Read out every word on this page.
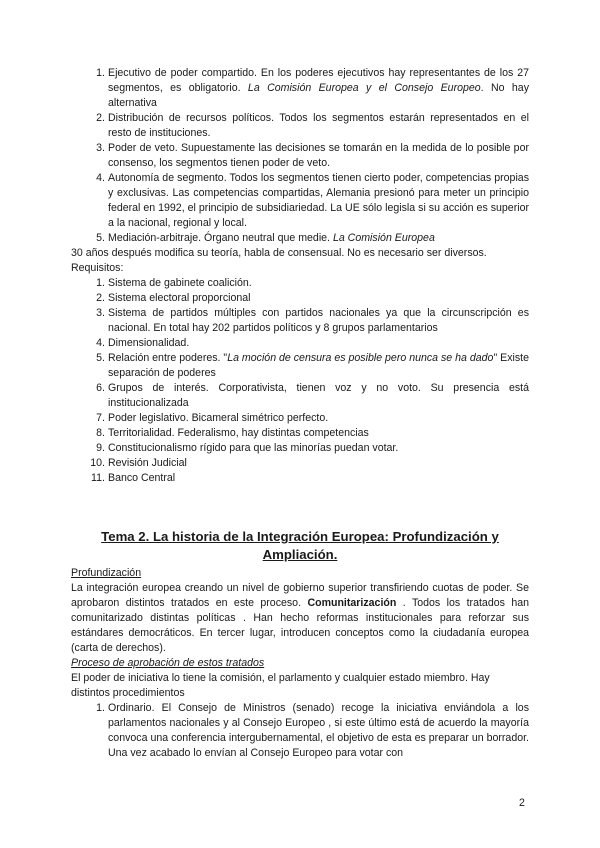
1. Ejecutivo de poder compartido. En los poderes ejecutivos hay representantes de los 27 segmentos, es obligatorio. La Comisión Europea y el Consejo Europeo. No hay alternativa
2. Distribución de recursos políticos. Todos los segmentos estarán representados en el resto de instituciones.
3. Poder de veto. Supuestamente las decisiones se tomarán en la medida de lo posible por consenso, los segmentos tienen poder de veto.
4. Autonomía de segmento. Todos los segmentos tienen cierto poder, competencias propias y exclusivas. Las competencias compartidas, Alemania presionó para meter un principio federal en 1992, el principio de subsidiariedad. La UE sólo legisla si su acción es superior a la nacional, regional y local.
5. Mediación-arbitraje. Órgano neutral que medie. La Comisión Europea

30 años después modifica su teoría, habla de consensual. No es necesario ser diversos.

Requisitos:

1. Sistema de gabinete coalición.
2. Sistema electoral proporcional
3. Sistema de partidos múltiples con partidos nacionales ya que la circunscripción es nacional. En total hay 202 partidos políticos y 8 grupos parlamentarios
4. Dimensionalidad.
5. Relación entre poderes. "La moción de censura es posible pero nunca se ha dado" Existe separación de poderes
6. Grupos de interés. Corporativista, tienen voz y no voto. Su presencia está institucionalizada
7. Poder legislativo. Bicameral simétrico perfecto.
8. Territorialidad. Federalismo, hay distintas competencias
9. Constitucionalismo rígido para que las minorías puedan votar.
10. Revisión Judicial
11. Banco Central
Tema 2. La historia de la Integración Europea: Profundización y Ampliación.

Profundización

La integración europea creando un nivel de gobierno superior transfiriendo cuotas de poder. Se aprobaron distintos tratados en este proceso. Comunitarización . Todos los tratados han comunitarizado distintas políticas . Han hecho reformas institucionales para reforzar sus estándares democráticos. En tercer lugar, introducen conceptos como la ciudadanía europea (carta de derechos).

Proceso de aprobación de estos tratados

El poder de iniciativa lo tiene la comisión, el parlamento y cualquier estado miembro. Hay distintos procedimientos

1. Ordinario. El Consejo de Ministros (senado) recoge la iniciativa enviándola a los parlamentos nacionales y al Consejo Europeo , si este último está de acuerdo la mayoría convoca una conferencia intergubernamental, el objetivo de esta es preparar un borrador. Una vez acabado lo envían al Consejo Europeo para votar con
2
